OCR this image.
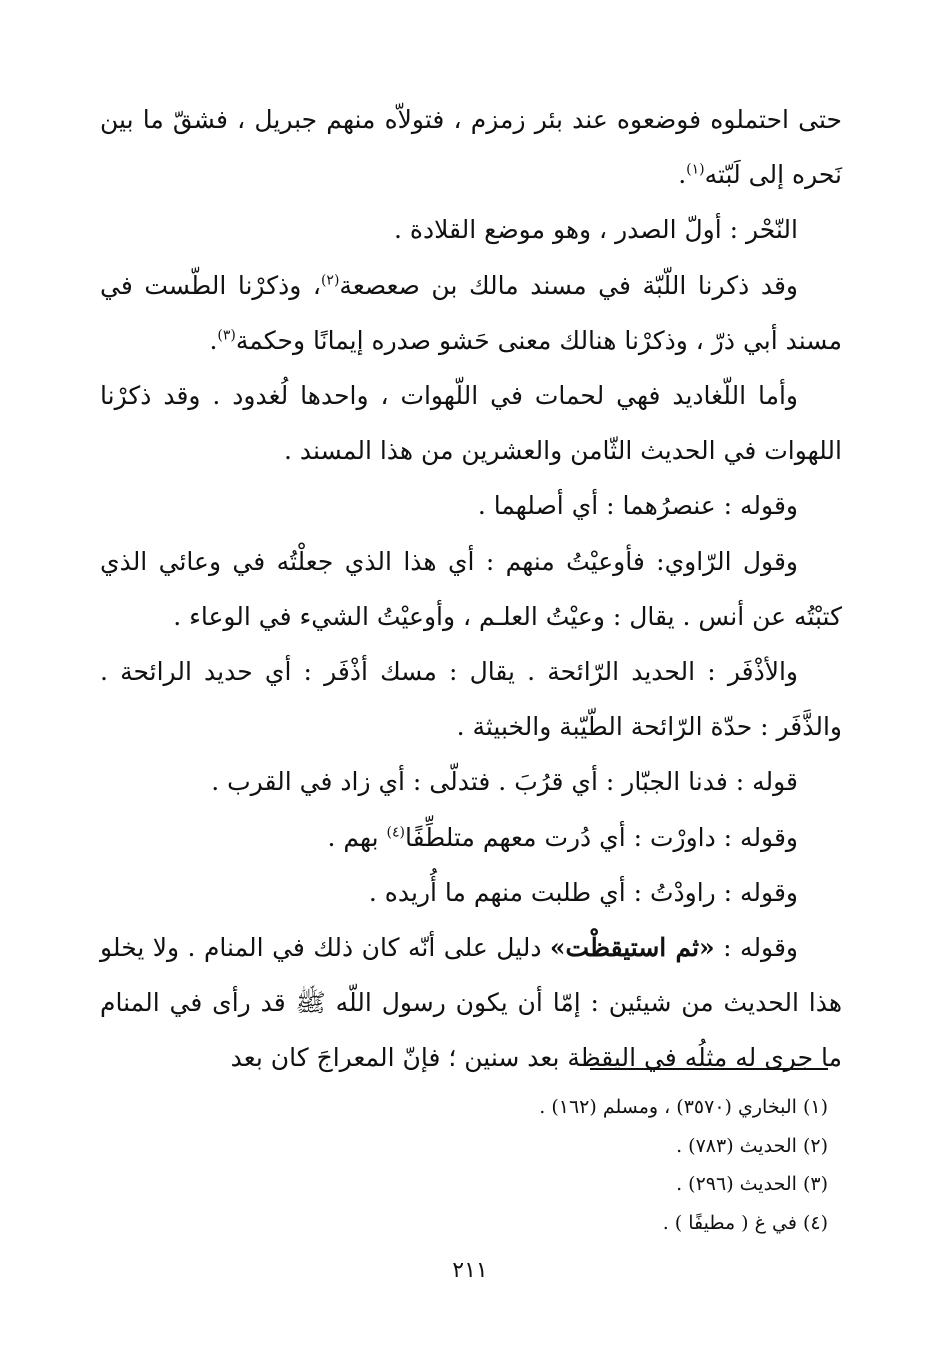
حتى احتملوه فوضعوه عند بئر زمزم ، فتولاّه منهم جبريل ، فشقّ ما بين نَحره إلى لَبّته$^{(١)}$.

النّحْر : أولّ الصدر ، وهو موضع القلادة .

وقد ذكرنا اللّبّة في مسند مالك بن صعصعة$^{(٢)}$، وذكرْنا الطّست في مسند أبي ذرّ ، وذكرْنا هنالك معنى حَشو صدره إيمانًا وحكمة$^{(٣)}$.

وأما اللّغاديد فهي لحمات في اللّهوات ، واحدها لُغدود . وقد ذكرْنا اللهوات في الحديث الثّامن والعشرين من هذا المسند .

وقوله : عنصرُهما : أي أصلهما .

وقول الرّاوي: فأوعيْتُ منهم : أي هذا الذي جعلْتُه في وعائي الذي كتبْتُه عن أنس . يقال : وعيْتُ العلـم ، وأوعيْتُ الشيء في الوعاء .

والأذْفَر : الحديد الرّائحة . يقال : مسك أذْفَر : أي حديد الرائحة . والذَّفَر : حدّة الرّائحة الطّيّبة والخبيثة .

قوله : فدنا الجبّار : أي قرُبَ . فتدلّى : أي زاد في القرب .

وقوله : داورْت : أي دُرت معهم متلطِّفًا$^{(٤)}$ بهم .

وقوله : راودْتُ : أي طلبت منهم ما أُريده .

وقوله : «ثم استيقظْت» دليل على أنّه كان ذلك في المنام . ولا يخلو هذا الحديث من شيئين : إمّا أن يكون رسول اللّه ﷺ قد رأى في المنام ما جرى له مثلُه في اليقظة بعد سنين ؛ فإنّ المعراجَ كان بعد

(١) البخاري (٣٥٧٠) ، ومسلم (١٦٢) .

(٢) الحديث (٧٨٣) .

(٣) الحديث (٢٩٦) .

(٤) في غ ( مطيفًا ) .

٢١١
